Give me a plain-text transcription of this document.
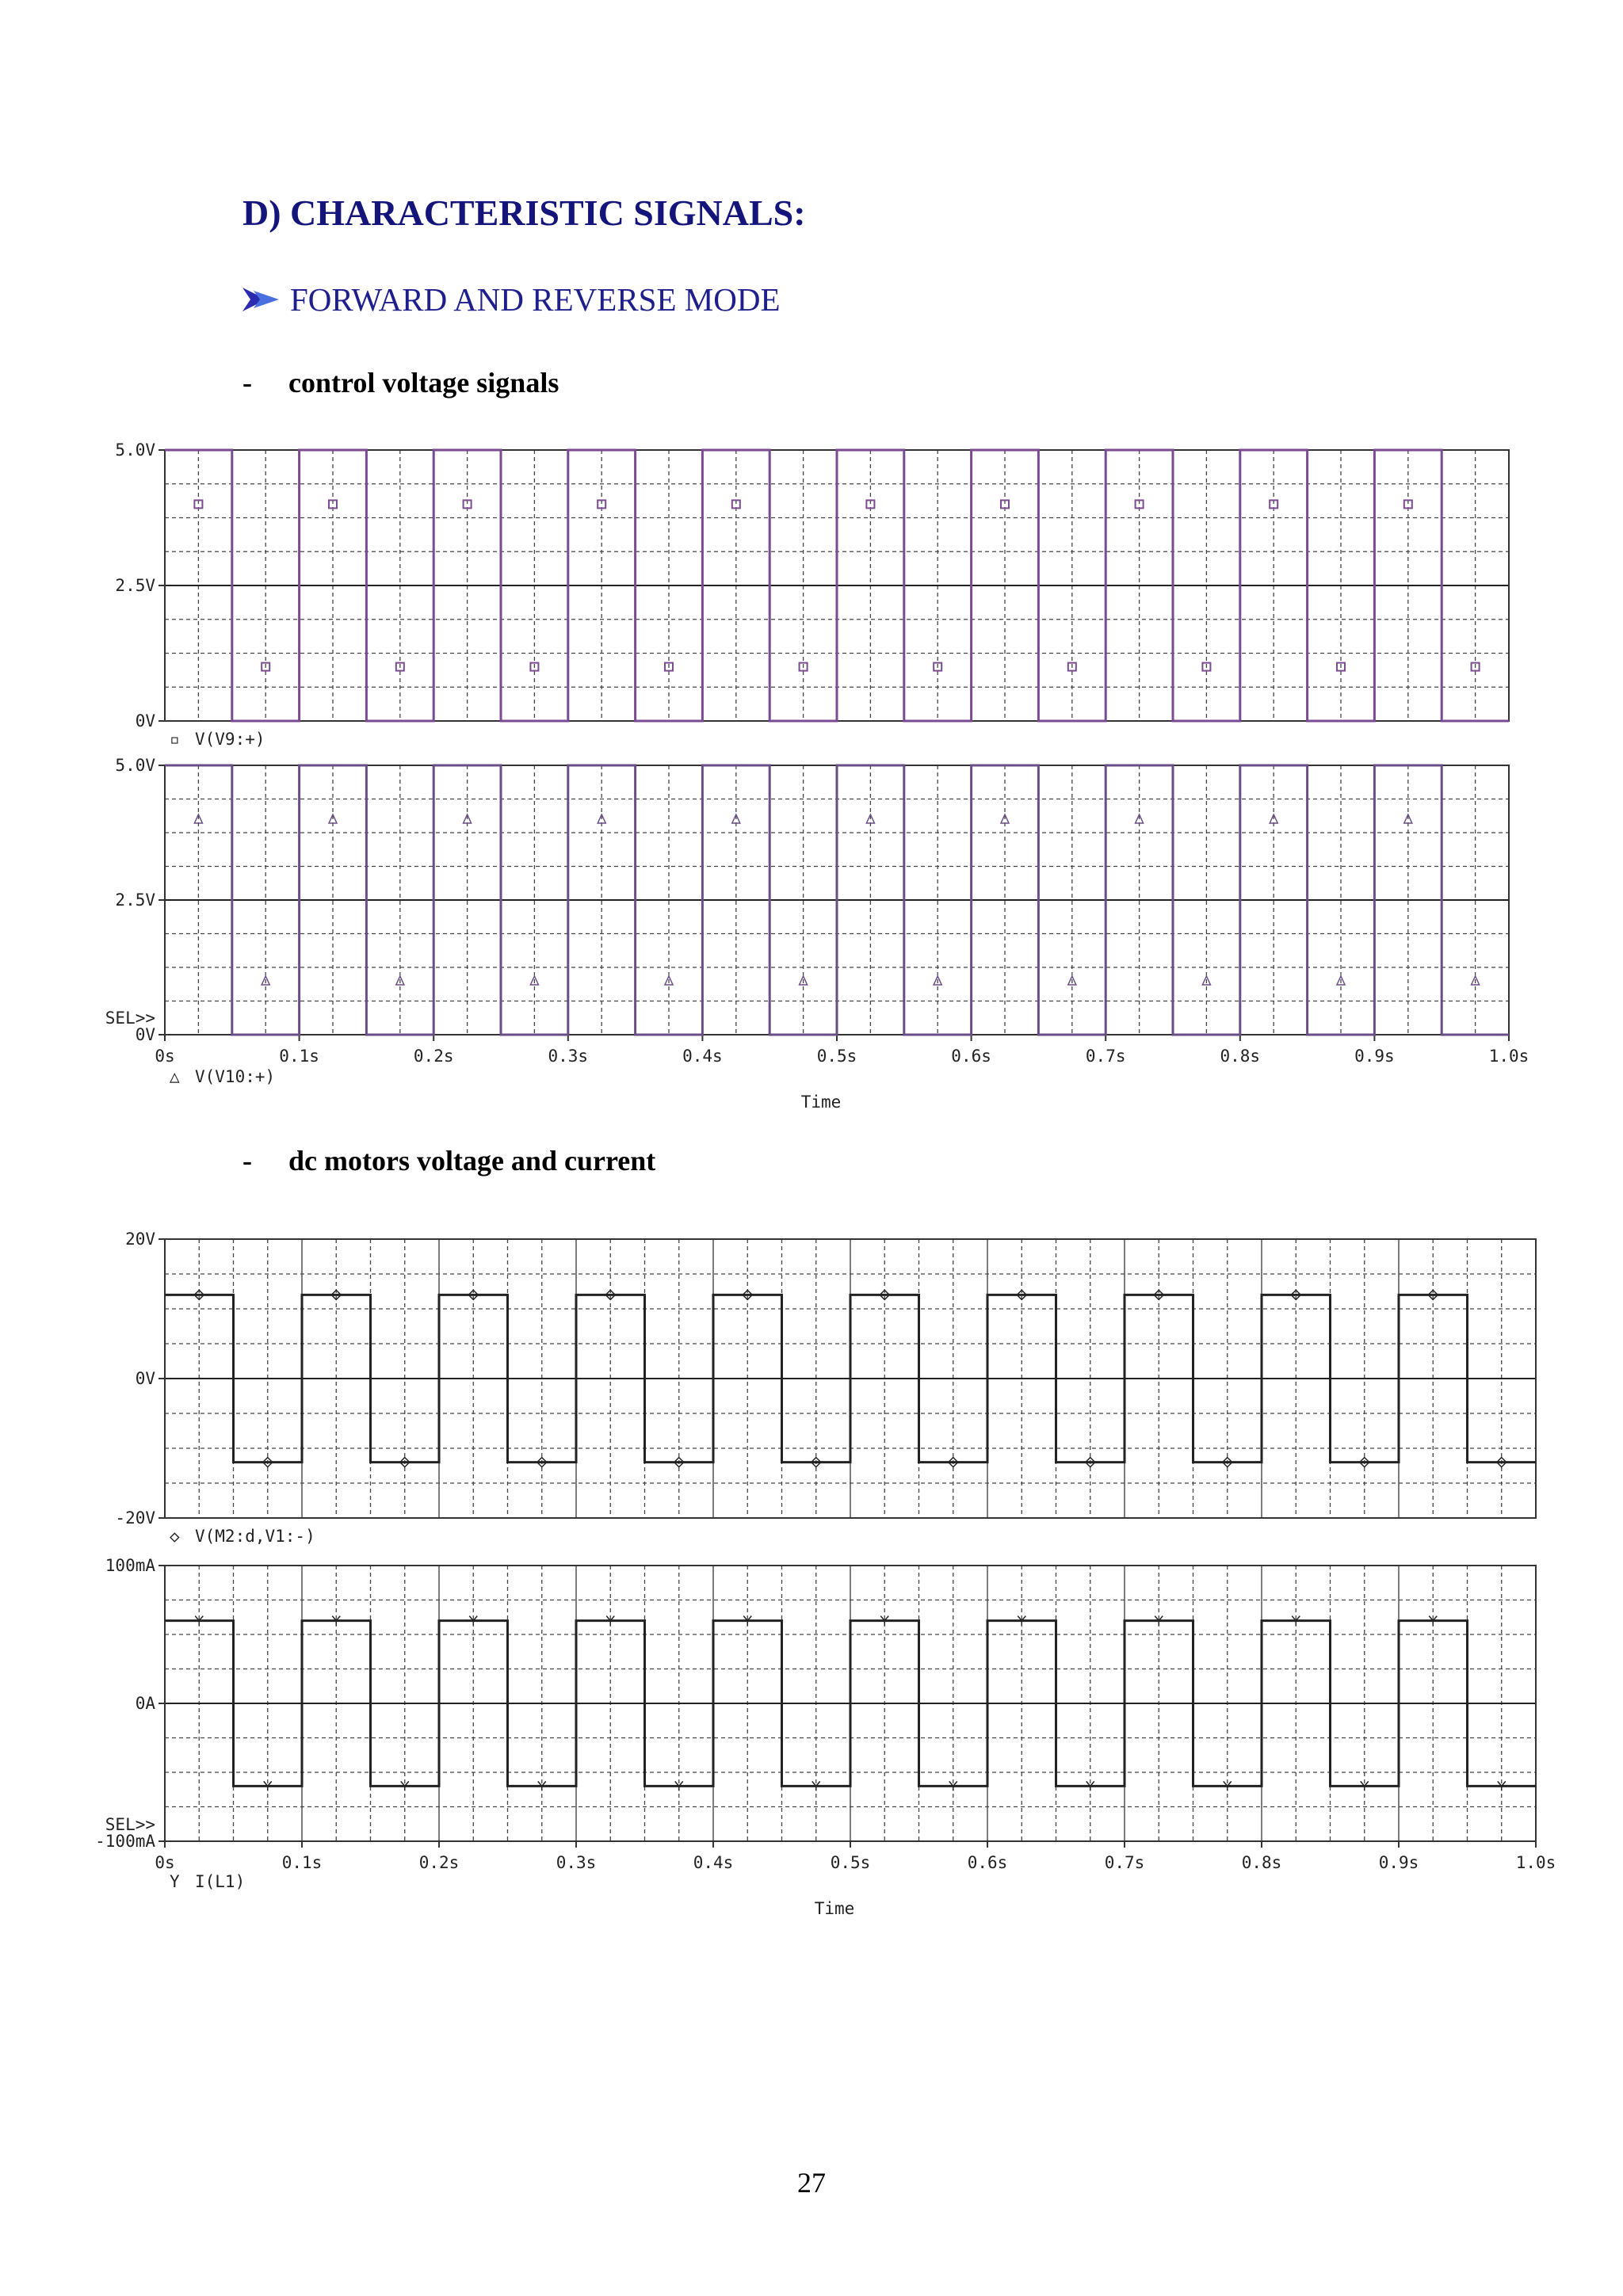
D) CHARACTERISTIC SIGNALS:
FORWARD AND REVERSE MODE
- control voltage signals
0V
2.5V
5.0V
▫ V(V9:+)
0V
2.5V
5.0V
SEL>>
0s	0.1s	0.2s	0.3s	0.4s	0.5s	0.6s	0.7s	0.8s	0.9s	1.0s
Time
△ V(V10:+)
- dc motors voltage and current
-20V
0V
20V
◇ V(M2:d,V1:-)
-100mA
0A
100mA
SEL>>
0s	0.1s	0.2s	0.3s	0.4s	0.5s	0.6s	0.7s	0.8s	0.9s	1.0s
Time
Y I(L1)
27
